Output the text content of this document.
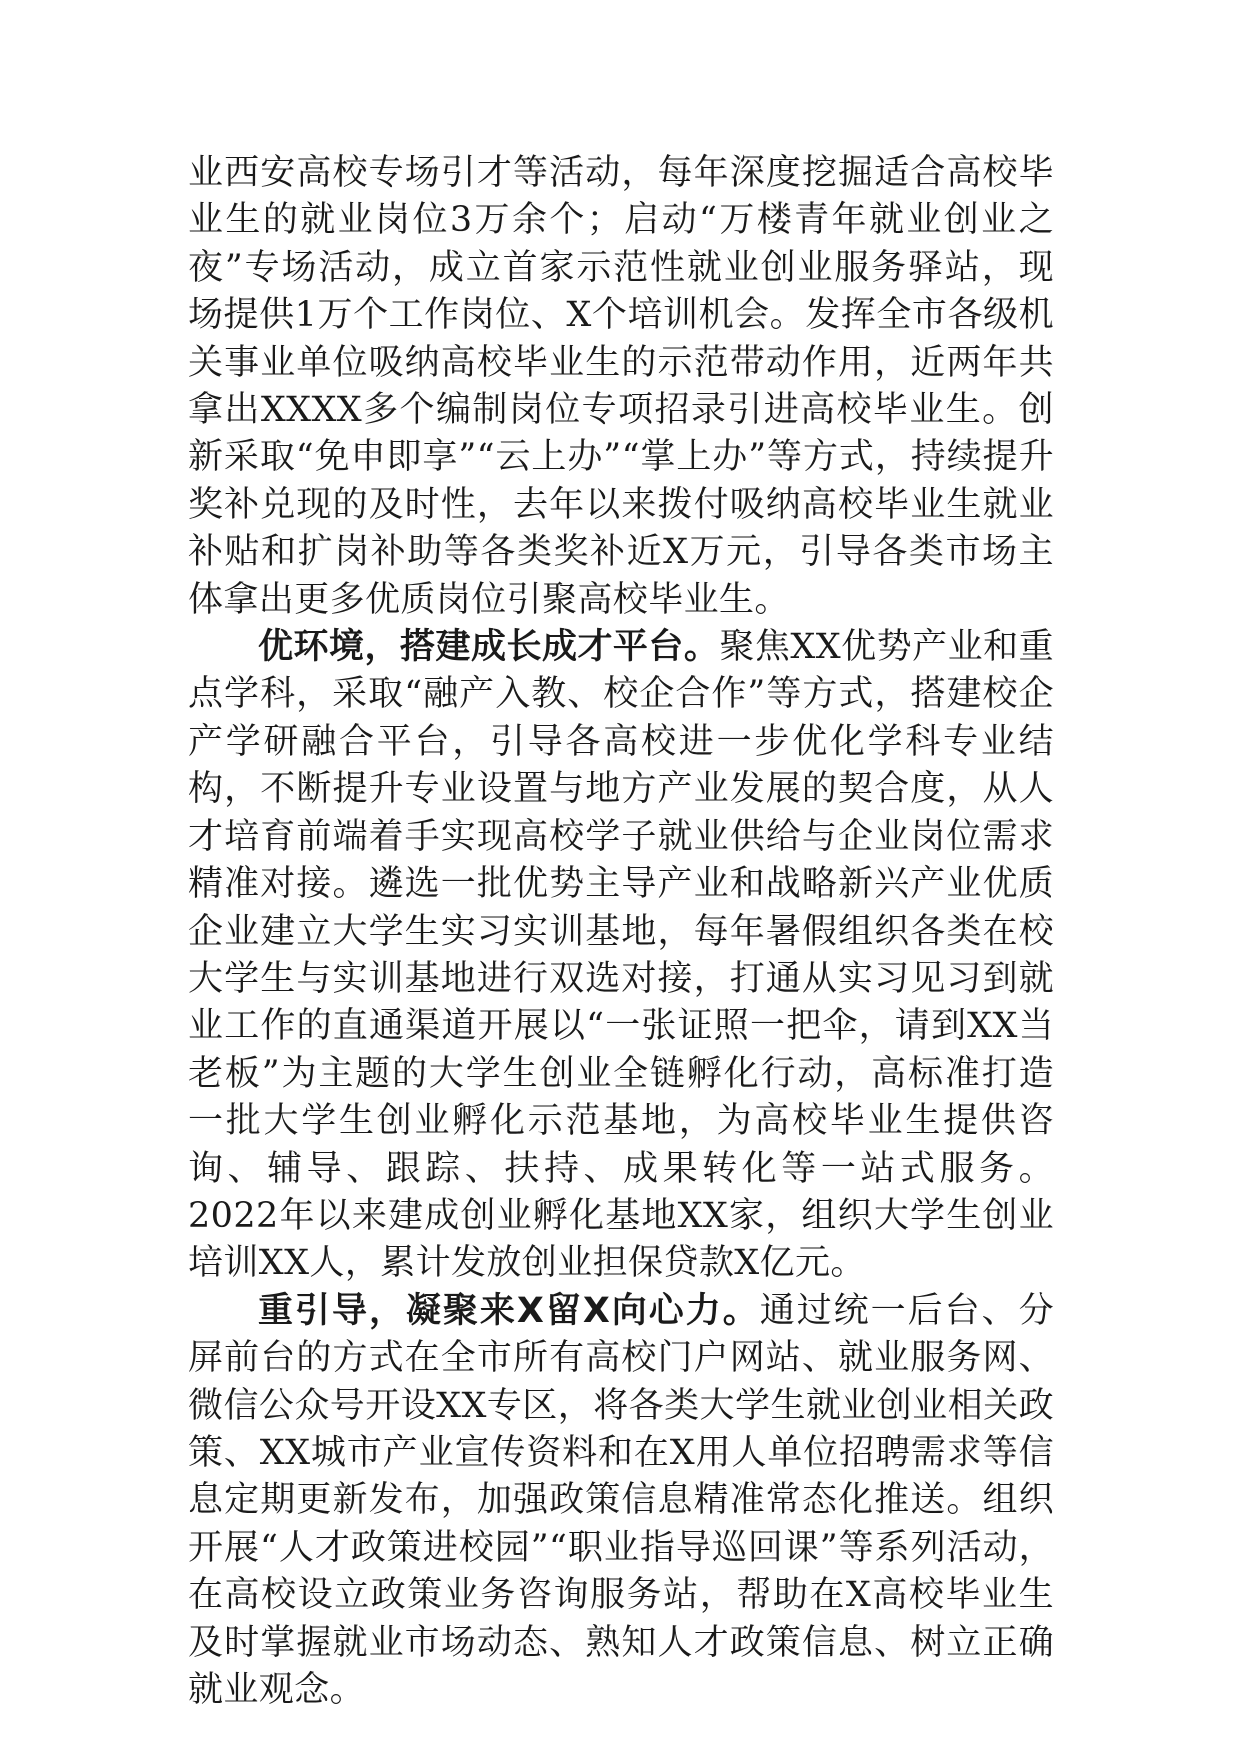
业西安高校专场引才等活动，每年深度挖掘适合高校毕业生的就业岗位3万余个；启动“万楼青年就业创业之夜”专场活动，成立首家示范性就业创业服务驿站，现场提供1万个工作岗位、X个培训机会。发挥全市各级机关事业单位吸纳高校毕业生的示范带动作用，近两年共拿出XXXX多个编制岗位专项招录引进高校毕业生。创新采取“免申即享”“云上办”“掌上办”等方式，持续提升奖补兑现的及时性，去年以来拨付吸纳高校毕业生就业补贴和扩岗补助等各类奖补近X万元，引导各类市场主体拿出更多优质岗位引聚高校毕业生。

优环境，搭建成长成才平台。聚焦XX优势产业和重点学科，采取“融产入教、校企合作”等方式，搭建校企产学研融合平台，引导各高校进一步优化学科专业结构，不断提升专业设置与地方产业发展的契合度，从人才培育前端着手实现高校学子就业供给与企业岗位需求精准对接。遴选一批优势主导产业和战略新兴产业优质企业建立大学生实习实训基地，每年暑假组织各类在校大学生与实训基地进行双选对接，打通从实习见习到就业工作的直通渠道开展以“一张证照一把伞，请到XX当老板”为主题的大学生创业全链孵化行动，高标准打造一批大学生创业孵化示范基地，为高校毕业生提供咨询、辅导、跟踪、扶持、成果转化等一站式服务。2022年以来建成创业孵化基地XX家，组织大学生创业培训XX人，累计发放创业担保贷款X亿元。

重引导，凝聚来X留X向心力。通过统一后台、分屏前台的方式在全市所有高校门户网站、就业服务网、微信公众号开设XX专区，将各类大学生就业创业相关政策、XX城市产业宣传资料和在X用人单位招聘需求等信息定期更新发布，加强政策信息精准常态化推送。组织开展“人才政策进校园”“职业指导巡回课”等系列活动，在高校设立政策业务咨询服务站，帮助在X高校毕业生及时掌握就业市场动态、熟知人才政策信息、树立正确就业观念。
